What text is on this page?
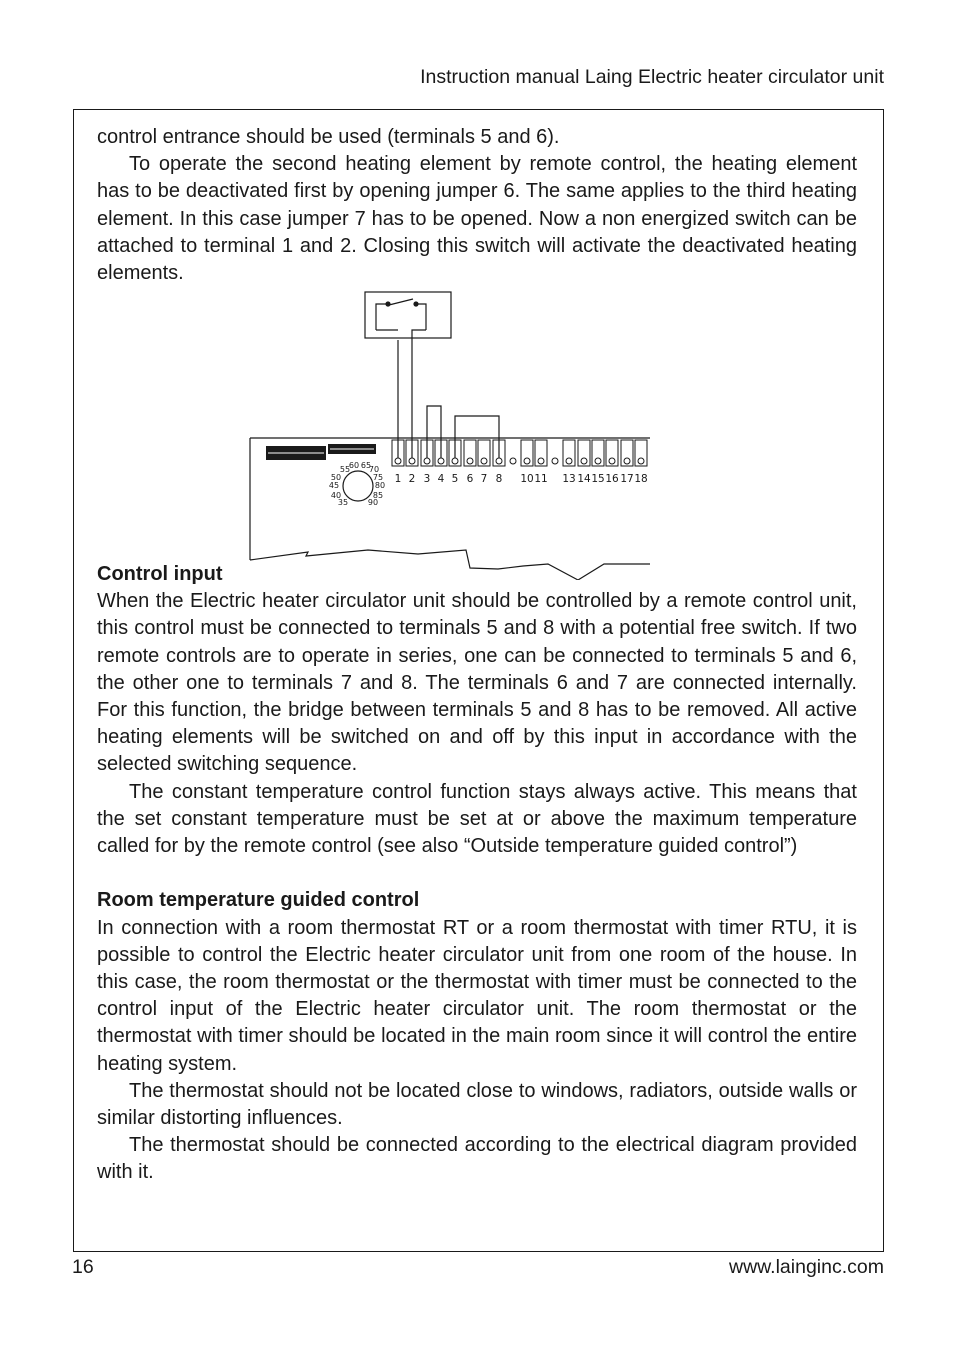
Instruction manual Laing Electric heater circulator unit

control entrance should be used (terminals 5 and 6).

To operate the second heating element by remote control, the heating element has to be deactivated first by opening jumper 6. The same applies to the third heating element. In this case jumper 7 has to be opened. Now a non energized switch can be attached to terminal 1 and 2. Closing this switch will activate the deactivated heating elements.

55
60 65
70
50	75
45	80
40	85
35 90
1 2 3 4 5 6 7 8 10 11 13 14 15 16 17 18

Control input

When the Electric heater circulator unit should be controlled by a remote control unit, this control must be connected to terminals 5 and 8 with a potential free switch. If two remote controls are to operate in series, one can be connected to terminals 5 and 6, the other one to terminals 7 and 8. The terminals 6 and 7 are connected internally. For this function, the bridge between terminals 5 and 8 has to be removed. All active heating elements will be switched on and off by this input in accordance with the selected switching sequence.

The constant temperature control function stays always active. This means that the set constant temperature must be set at or above the maximum temperature called for by the remote control (see also “Outside temperature guided control”)

Room temperature guided control

In connection with a room thermostat RT or a room thermostat with timer RTU, it is possible to control the Electric heater circulator unit from one room of the house. In this case, the room thermostat or the thermostat with timer must be connected to the control input of the Electric heater circulator unit. The room thermostat or the thermostat with timer should be located in the main room since it will control the entire heating system.

The thermostat should not be located close to windows, radiators, outside walls or similar distorting influences.

The thermostat should be connected according to the electrical diagram provided with it.

16	www.lainginc.com
